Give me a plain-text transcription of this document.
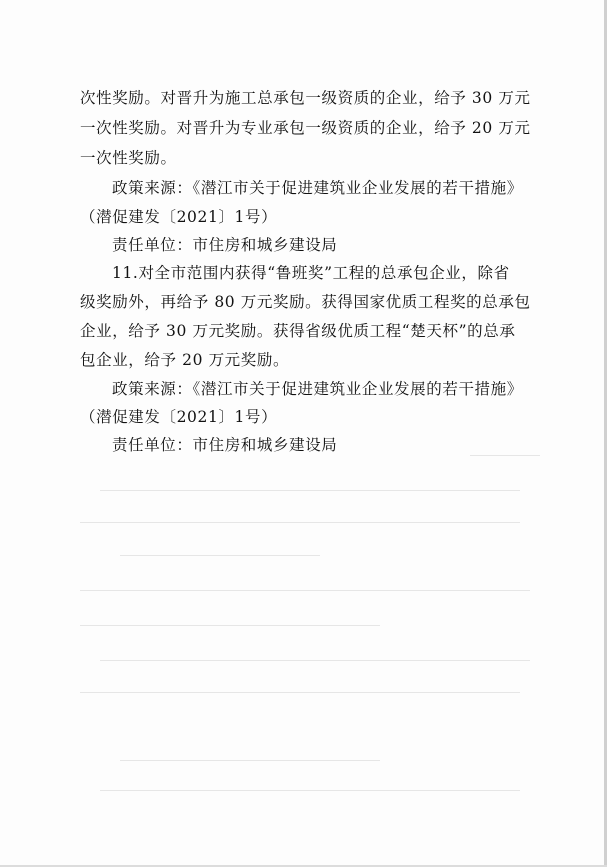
次性奖励。对晋升为施工总承包一级资质的企业，给予 30 万元
一次性奖励。对晋升为专业承包一级资质的企业，给予 20 万元
一次性奖励。
政策来源：《潜江市关于促进建筑业企业发展的若干措施》
（潜促建发〔2021〕1号）
责任单位：市住房和城乡建设局
11.对全市范围内获得“鲁班奖”工程的总承包企业，除省
级奖励外，再给予 80 万元奖励。获得国家优质工程奖的总承包
企业，给予 30 万元奖励。获得省级优质工程“楚天杯”的总承
包企业，给予 20 万元奖励。
政策来源：《潜江市关于促进建筑业企业发展的若干措施》
（潜促建发〔2021〕1号）
责任单位：市住房和城乡建设局
